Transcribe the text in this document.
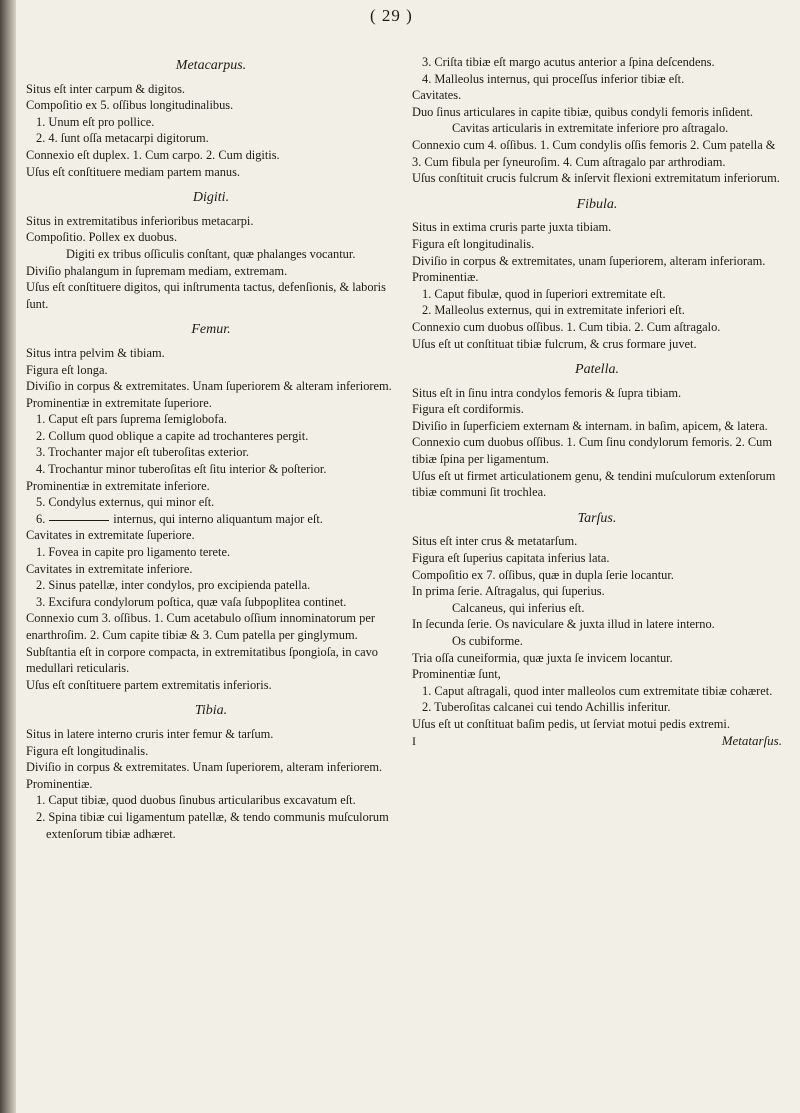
( 29 )

Metacarpus.

Situs eſt inter carpum & digitos.

Compoſitio ex 5. oſſibus longitudinalibus.

1. Unum eſt pro pollice.

2. 4. ſunt oſſa metacarpi digitorum.

Connexio eſt duplex. 1. Cum carpo. 2. Cum digitis.

Uſus eſt conſtituere mediam partem manus.

Digiti.

Situs in extremitatibus inferioribus metacarpi.

Compoſitio. Pollex ex duobus.

Digiti ex tribus oſſiculis conſtant, quæ phalanges vocantur.

Diviſio phalangum in ſupremam mediam, extremam.

Uſus eſt conſtituere digitos, qui inſtrumenta tactus, defenſionis, & laboris ſunt.

Femur.

Situs intra pelvim & tibiam.

Figura eſt longa.

Diviſio in corpus & extremitates. Unam ſuperiorem & alteram inferiorem.

Prominentiæ in extremitate ſuperiore.

1. Caput eſt pars ſuprema ſemiglobofa.

2. Collum quod oblique a capite ad trochanteres pergit.

3. Trochanter major eſt tuberoſitas exterior.

4. Trochantur minor tuberoſitas eſt ſitu interior & poſterior.

Prominentiæ in extremitate inferiore.

5. Condylus externus, qui minor eſt.

6.	internus, qui interno aliquantum major eſt.

Cavitates in extremitate ſuperiore.

1. Fovea in capite pro ligamento terete.

Cavitates in extremitate inferiore.

2. Sinus patellæ, inter condylos, pro excipienda patella.

3. Excifura condylorum poſtica, quæ vaſa ſubpoplitea continet.

Connexio cum 3. oſſibus. 1. Cum acetabulo oſſium innominatorum per enarthroſim. 2. Cum capite tibiæ & 3. Cum patella per ginglymum.

Subſtantia eſt in corpore compacta, in extremitatibus ſpongioſa, in cavo medullari reticularis.

Uſus eſt conſtituere partem extremitatis inferioris.

Tibia.

Situs in latere interno cruris inter femur & tarſum.

Figura eſt longitudinalis.

Diviſio in corpus & extremitates. Unam ſuperiorem, alteram inferiorem.

Prominentiæ.

1. Caput tibiæ, quod duobus ſinubus articularibus excavatum eſt.

2. Spina tibiæ cui ligamentum patellæ, & tendo communis muſculorum extenſorum tibiæ adhæret.

3. Criſta tibiæ eſt margo acutus anterior a ſpina deſcendens.

4. Malleolus internus, qui proceſſus inferior tibiæ eſt.

Cavitates.

Duo ſinus articulares in capite tibiæ, quibus condyli femoris inſident.

Cavitas articularis in extremitate inferiore pro aſtragalo.

Connexio cum 4. oſſibus. 1. Cum condylis oſſis femoris 2. Cum patella & 3. Cum fibula per ſyneuroſim. 4. Cum aſtragalo par arthrodiam.

Uſus conſtituit crucis fulcrum & inſervit flexioni extremitatum inferiorum.

Fibula.

Situs in extima cruris parte juxta tibiam.

Figura eſt longitudinalis.

Diviſio in corpus & extremitates, unam ſuperiorem, alteram inferioram.

Prominentiæ.

1. Caput fibulæ, quod in ſuperiori extremitate eſt.

2. Malleolus externus, qui in extremitate inferiori eſt.

Connexio cum duobus oſſibus. 1. Cum tibia. 2. Cum aſtragalo.

Uſus eſt ut conſtituat tibiæ fulcrum, & crus formare juvet.

Patella.

Situs eſt in ſinu intra condylos femoris & ſupra tibiam.

Figura eſt cordiformis.

Diviſio in ſuperficiem externam & internam. in baſim, apicem, & latera.

Connexio cum duobus oſſibus. 1. Cum ſinu condylorum femoris. 2. Cum tibiæ ſpina per ligamentum.

Uſus eſt ut firmet articulationem genu, & tendini muſculorum extenſorum tibiæ communi ſit trochlea.

Tarſus.

Situs eſt inter crus & metatarſum.

Figura eſt ſuperius capitata inferius lata.

Compoſitio ex 7. oſſibus, quæ in dupla ſerie locantur.

In prima ſerie. Aſtragalus, qui ſuperius.

Calcaneus, qui inferius eſt.

In ſecunda ſerie. Os naviculare & juxta illud in latere interno.

Os cubiforme.

Tria oſſa cuneiformia, quæ juxta ſe invicem locantur.

Prominentiæ ſunt,

1. Caput aſtragali, quod inter malleolos cum extremitate tibiæ cohæret.

2. Tuberoſitas calcanei cui tendo Achillis inferitur.

Uſus eſt ut conſtituat baſim pedis, ut ſerviat motui pedis extremi.

I	Metatarſus.
